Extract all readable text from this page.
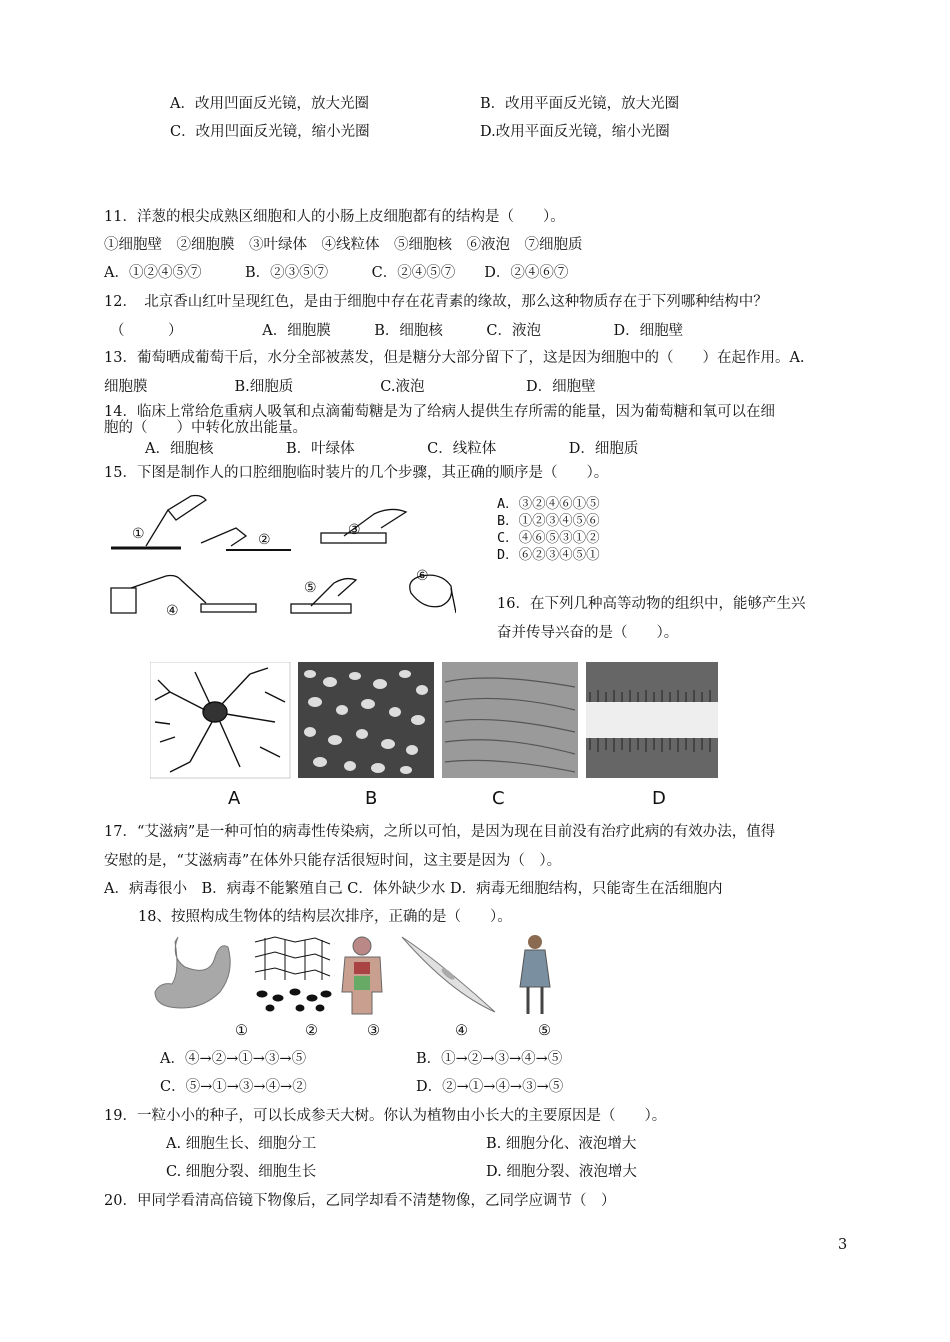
A．改用凹面反光镜，放大光圈	B．改用平面反光镜，放大光圈
C．改用凹面反光镜，缩小光圈	D.改用平面反光镜，缩小光圈
11．洋葱的根尖成熟区细胞和人的小肠上皮细胞都有的结构是（　　）。
①细胞壁　②细胞膜　③叶绿体　④线粒体　⑤细胞核　⑥液泡　⑦细胞质
A．①②④⑤⑦　　　B．②③⑤⑦　　　C．②④⑤⑦　　D．②④⑥⑦
12．　北京香山红叶呈现红色，是由于细胞中存在花青素的缘故，那么这种物质存在于下列哪种结构中？
（　　　）　　　　　　A．细胞膜　　　B．细胞核　　　C．液泡　　　　　D．细胞壁
13．葡萄晒成葡萄干后，水分全部被蒸发，但是糖分大部分留下了，这是因为细胞中的（　　）在起作用。A.
细胞膜　　　　　　B.细胞质　　　　　　C.液泡　　　　　　　D．细胞壁
14．临床上常给危重病人吸氧和点滴葡萄糖是为了给病人提供生存所需的能量，因为葡萄糖和氧可以在细
胞的（　　）中转化放出能量。
A．细胞核　　　　　B．叶绿体　　　　　C．线粒体　　　　　D．细胞质
15．下图是制作人的口腔细胞临时装片的几个步骤，其正确的顺序是（　　）。
①	②
③
④
⑤
⑥
A．③②④⑥①⑤
B．①②③④⑤⑥
C．④⑥⑤③①②
D．⑥②③④⑤①
16．在下列几种高等动物的组织中，能够产生兴
奋并传导兴奋的是（　　）。
A	B	C	D
17．“艾滋病”是一种可怕的病毒性传染病，之所以可怕，是因为现在目前没有治疗此病的有效办法，值得
安慰的是，“艾滋病毒”在体外只能存活很短时间，这主要是因为（　）。
A．病毒很小　B．病毒不能繁殖自己 C．体外缺少水 D．病毒无细胞结构，只能寄生在活细胞内
18、按照构成生物体的结构层次排序，正确的是（　　）。
①	②	③	④	⑤
A．④→②→①→③→⑤	B．①→②→③→④→⑤
C．⑤→①→③→④→②	D．②→①→④→③→⑤
19．一粒小小的种子，可以长成参天大树。你认为植物由小长大的主要原因是（　　）。
A. 细胞生长、细胞分工	B. 细胞分化、液泡增大
C. 细胞分裂、细胞生长	D. 细胞分裂、液泡增大
20．甲同学看清高倍镜下物像后，乙同学却看不清楚物像，乙同学应调节（　）
3
